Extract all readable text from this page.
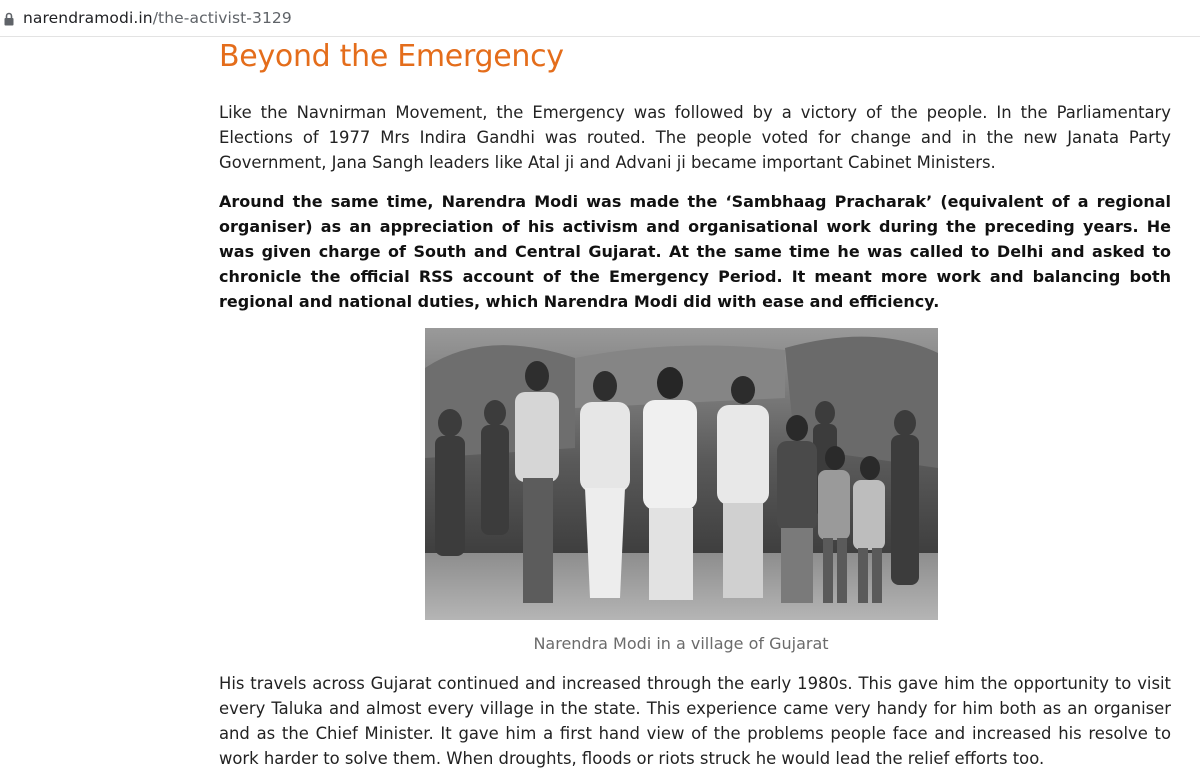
narendramodi.in/the-activist-3129
Beyond the Emergency

Like the Navnirman Movement, the Emergency was followed by a victory of the people. In the Parliamentary Elections of 1977 Mrs Indira Gandhi was routed. The people voted for change and in the new Janata Party Government, Jana Sangh leaders like Atal ji and Advani ji became important Cabinet Ministers.

Around the same time, Narendra Modi was made the ‘Sambhaag Pracharak’ (equivalent of a regional organiser) as an appreciation of his activism and organisational work during the preceding years. He was given charge of South and Central Gujarat. At the same time he was called to Delhi and asked to chronicle the official RSS account of the Emergency Period. It meant more work and balancing both regional and national duties, which Narendra Modi did with ease and efficiency.

Narendra Modi in a village of Gujarat

His travels across Gujarat continued and increased through the early 1980s. This gave him the opportunity to visit every Taluka and almost every village in the state. This experience came very handy for him both as an organiser and as the Chief Minister. It gave him a first hand view of the problems people face and increased his resolve to work harder to solve them. When droughts, floods or riots struck he would lead the relief efforts too.
